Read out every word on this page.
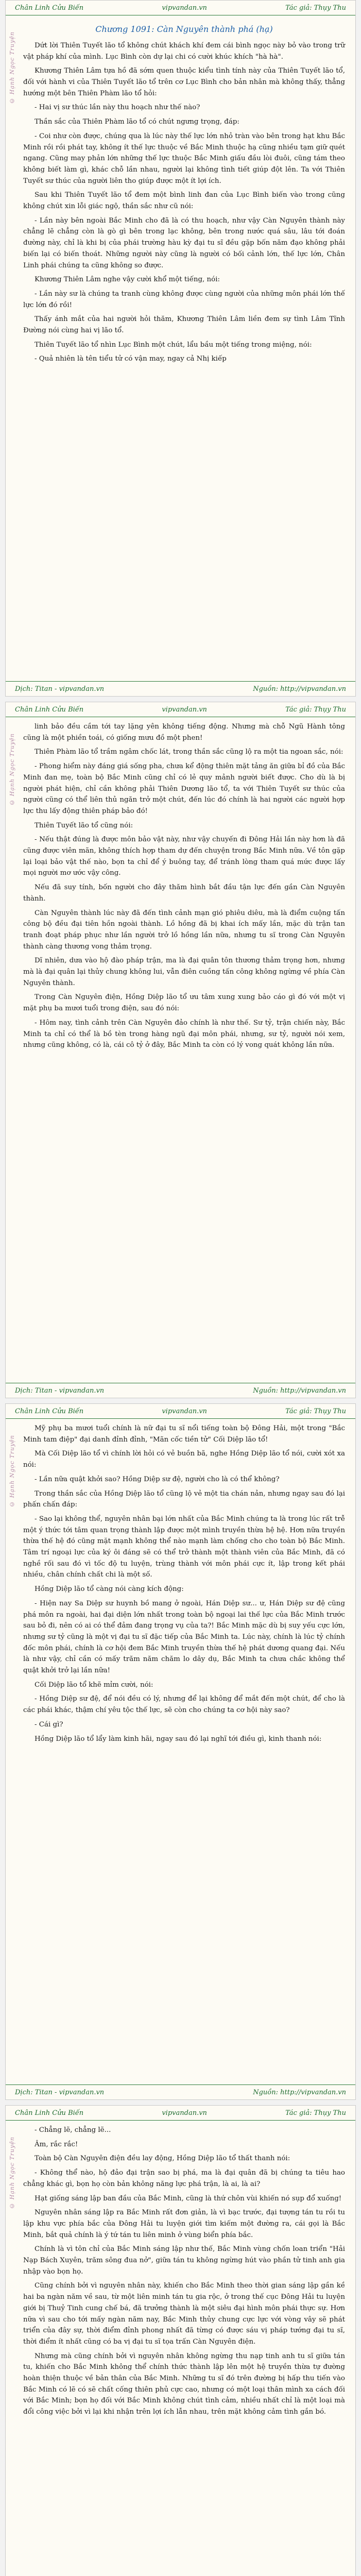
Chân Linh Cửu Biến	vipvandan.vn	Tác giả: Thụy Thu
© Hạnh Ngọc Truyện
Chương 1091: Càn Nguyên thành phá (hạ)

Dứt lời Thiên Tuyết lão tổ không chút khách khí đem cái bình ngọc này bỏ vào trong trữ vật pháp khí của mình. Lục Bình còn dự lại chi có cười khúc khích "hà hà".

Khương Thiên Lâm tựa hồ đã sớm quen thuộc kiểu tình tính này của Thiên Tuyết lão tổ, đối với hành vi của Thiên Tuyết lão tổ trên cơ Lục Bình cho bản nhân mà không thấy, thẳng hướng một bên Thiên Phàm lão tổ hỏi:

- Hai vị sư thúc lần này thu hoạch như thế nào?

Thần sắc của Thiên Phàm lão tổ có chút ngưng trọng, đáp:

- Coi như còn được, chúng qua là lúc này thế lực lớn nhỏ tràn vào bên trong hạt khu Bắc Minh rồi rồi phát tay, không ít thế lực thuộc về Bắc Minh thuộc hạ cũng nhiều tạm giữ quét ngang. Cũng may phản lớn những thế lực thuộc Bắc Minh giấu đầu lòi đuôi, cũng tám theo không biết làm gì, khác chỗ lần nhau, người lại không tình tiết giúp đột lên. Ta với Thiên Tuyết sư thúc của người liên tho giúp được một ít lợi ích.

Sau khi Thiên Tuyết lão tổ đem một bình linh đan của Lục Bình biến vào trong cũng không chút xin lỗi giác ngộ, thần sắc như cũ nói:

- Lần này bên ngoài Bắc Minh cho đã là có thu hoạch, như vậy Càn Nguyên thành này chẳng lẽ chẳng còn là gò gì bên trong lạc không, bên trong nước quá sâu, lâu tới đoán đường này, chỉ là khi bị của phái trường hàu kỳ đại tu sĩ đều gặp bốn năm đạo không phải biến lại có biến thoát. Những người này cũng là người có bối cảnh lớn, thế lực lớn, Chân Linh phái chúng ta cũng không so được.

Khương Thiên Lâm nghe vậy cười khổ một tiếng, nói:

- Lần này sư là chúng ta tranh cùng không được cùng người của những môn phái lớn thế lực lớn đó rồi!

Thấy ánh mắt của hai người hỏi thăm, Khương Thiên Lâm liền đem sự tình Lâm Tĩnh Đường nói cùng hai vị lão tổ.

Thiên Tuyết lão tổ nhìn Lục Bình một chút, lẩu bầu một tiếng trong miệng, nói:

- Quả nhiên là tên tiểu tử có vận may, ngay cả Nhị kiếp

Dịch: Titan - vipvandan.vn	Nguồn: http://vipvandan.vn
Chân Linh Cửu Biến	vipvandan.vn	Tác giả: Thụy Thu
© Hạnh Ngọc Truyện

linh bảo đều cầm tới tay lặng yên không tiếng động. Nhưng mà chỗ Ngũ Hành tông cũng là một phiền toái, có giống mưu đồ một phen!

Thiên Phàm lão tổ trầm ngâm chốc lát, trong thần sắc cũng lộ ra một tia ngoan sắc, nói:

- Phong hiểm này đáng giá sống pha, chưa kể động thiên mặt tảng ăn giữa bỉ đồ của Bắc Minh đan mẹ, toàn bộ Bắc Minh cũng chỉ có lẻ quy mảnh người biết được. Cho dù là bị người phát hiện, chỉ cần không phải Thiên Dương lão tổ, ta với Thiên Tuyết sư thúc của người cũng có thể liên thủ ngăn trở một chút, đến lúc đó chính là hai người các người hợp lực thu lấy động thiên pháp bảo đó!

Thiên Tuyết lão tổ cũng nói:

- Nếu thật đúng là được môn bảo vật này, như vậy chuyến đi Đông Hải lần này hơn là đã cũng được viên mãn, không thích hợp tham dự đến chuyện trong Bắc Minh nữa. Về tôn gặp lại loại bảo vật thế nào, bọn ta chỉ để ý buông tay, để tránh lòng tham quá mức được lấy mọi người mơ ước vậy công.

Nếu đã suy tính, bốn người cho đây thăm hình bắt đầu tận lực đến gần Càn Nguyên thành.

Càn Nguyên thành lúc này đã đến tình cảnh mạn gió phiêu diêu, mà là điểm cuộng tấn công bộ đều đại tiên hồn ngoài thành. Lồ hồng đã bị khai ích mấy lần, mặc dù trận tan tranh đoạt pháp phục như lần người trở lồ hồng lần nữa, nhưng tu sĩ trong Càn Nguyên thành càng thương vong thảm trọng.

Dĩ nhiên, dưa vào hộ đào pháp trận, ma là đại quân tôn thương thảm trọng hơn, nhưng mà là đại quân lại thủy chung không lui, vẫn điên cuồng tấn công không ngừng về phía Càn Nguyên thành.

Trong Càn Nguyên điện, Hồng Diệp lão tổ ưu tâm xung xung bảo cáo gì đó với một vị mặt phụ ba mươi tuổi trong điện, sau đó nói:

- Hôm nay, tình cảnh trên Càn Nguyên đảo chính là như thế. Sư tỷ, trận chiến này, Bắc Minh ta chỉ có thể là bồ tèn trong hàng ngũ đại môn phái, nhưng, sư tỷ, người nói xem, nhưng cũng không, có là, cái cô tỷ ở đây, Bắc Minh ta còn có lý vong quát không lần nữa.

Dịch: Titan - vipvandan.vn	Nguồn: http://vipvandan.vn
Chân Linh Cửu Biến	vipvandan.vn	Tác giả: Thụy Thu
© Hạnh Ngọc Truyện

Mỹ phụ ba mươi tuổi chính là nữ đại tu sĩ nổi tiếng toàn bộ Đông Hải, một trong "Bắc Minh tam điệp" đại danh đỉnh đỉnh, "Mãn cốc tiền tử" Cối Diệp lão tổ!

Mà Cối Diệp lão tổ vì chính lời hỏi có vẻ buồn bã, nghe Hồng Diệp lão tổ nói, cười xót xa nói:

- Lần nữa quật khởi sao? Hồng Diệp sư đệ, người cho là có thể không?

Trong thần sắc của Hồng Diệp lão tổ cũng lộ vẻ một tia chán nản, nhưng ngay sau đó lại phấn chấn đáp:

- Sao lại không thể, nguyên nhân bại lớn nhất của Bắc Minh chúng ta là trong lúc rất trễ một ý thức tới tâm quan trọng thành lập được một mình truyền thừa hệ hệ. Hơn nữa truyền thừa thế hệ đó cũng mặt mạnh không thể nào mạnh làm chống cho cho toàn bộ Bắc Minh. Tâm trí ngoại lực của ký ôi đáng sẽ có thể trở thành một thành viên của Bắc Minh, đã có nghề rối sau đó vì tốc độ tu luyện, trùng thành với môn phái cực ít, lập trong kết phái nhiều, chân chính chất chi là một số.

Hồng Diệp lão tổ càng nói càng kích động:

- Hiện nay Sa Diệp sư huynh bồ mang ở ngoài, Hán Diệp sư... ư, Hán Diệp sư đệ cũng phá môn ra ngoài, hai đại diện lớn nhất trong toàn bộ ngoại lai thế lực của Bắc Minh trước sau bỏ đi, nên có ai có thể đảm đang trọng vụ của ta?! Bắc Minh mặc dù bị suy yếu cực lớn, nhưng sư tỷ cũng là một vị đại tu sĩ đặc tiếp của Bắc Minh ta. Lúc này, chính là lúc tỷ chính đốc môn phái, chính là cơ hội đem Bắc Minh truyền thừa thế hệ phát dương quang đại. Nếu là như vậy, chỉ cần có mấy trăm năm chăm lo dây dụ, Bắc Minh ta chưa chắc không thể quật khởi trở lại lần nữa!

Cối Diệp lão tổ khẽ mỉm cười, nói:

- Hồng Diệp sư đệ, để nói đều có lý, nhưng để lại không để mắt đến một chút, để cho là các phái khác, thậm chí yêu tộc thế lực, sẽ còn cho chúng ta cơ hội này sao?

- Cái gì?

Hồng Diệp lão tổ lẩy làm kinh hãi, ngay sau đó lại nghĩ tới điều gì, kinh thanh nói:

Dịch: Titan - vipvandan.vn	Nguồn: http://vipvandan.vn
Chân Linh Cửu Biến	vipvandan.vn	Tác giả: Thụy Thu
© Hạnh Ngọc Truyện

- Chẳng lẽ, chẳng lẽ...

Âm, rắc rắc!

Toàn bộ Càn Nguyên điện đều lay động, Hồng Diệp lão tổ thất thanh nói:

- Không thể nào, hộ đảo đại trận sao bị phá, ma là đại quân đã bị chúng ta tiêu hao chẳng khác gì, bọn họ còn bản không năng lực phá trận, là ai, là ai?

Hạt giống sáng lập ban đầu của Bắc Minh, cũng là thứ chôn vùi khiến nó sụp đổ xuống!

Nguyên nhân sáng lập ra Bắc Minh rất đơn giản, là vì bạc trước, đại tượng tán tu rồi tu lập khu vực phía bắc của Đông Hải tu luyện giới tìm kiếm một đường ra, cái gọi là Bắc Minh, bắt quả chính là ý tứ tán tu liên minh ở vùng biển phía bắc.

Chính là vì tôn chỉ của Bắc Minh sáng lập như thế, Bắc Minh vùng chốn loan triển "Hải Nạp Bách Xuyên, trăm sông đua nở", giữa tán tu không ngừng hút vào phần tử tinh anh gia nhập vào bọn họ.

Cũng chính bởi vì nguyên nhân này, khiến cho Bắc Minh theo thời gian sáng lập gần kề hai ba ngàn năm về sau, từ một liên minh tán tu gia rộc, ở trong thế cục Đông Hải tu luyện giới bị Thuỷ Tinh cung chế bá, đã trưởng thành là một siêu đại hình môn phái thực sự. Hơn nữa vì sau cho tới mấy ngàn năm nay, Bắc Minh thủy chung cực lực với vòng vây sẽ phát triển của đây sự, thời điểm đỉnh phong nhất đã từng có được sáu vị pháp tướng đại tu sĩ, thời điểm ít nhất cũng có ba vị đại tu sĩ tọa trấn Càn Nguyên điện.

Nhưng mà cũng chính bởi vì nguyên nhân không ngừng thu nạp tinh anh tu sĩ giữa tán tu, khiến cho Bắc Minh không thể chính thức thành lập lên một hệ truyền thừa tự đường hoàn thiện thuộc về bản thân của Bắc Minh. Những tu sĩ đó trên đường bị hấp thu tiến vào Bắc Minh có lẽ có sẽ chất cống thiên phủ cực cao, nhưng có một loại thân mình xa cách đối với Bắc Minh; bọn họ đối với Bắc Minh không chút tình cảm, nhiều nhất chỉ là một loại mà đổi công việc bởi vì lại khi nhận trên lợi ích lẫn nhau, trên mặt không cảm tình gắn bó.
